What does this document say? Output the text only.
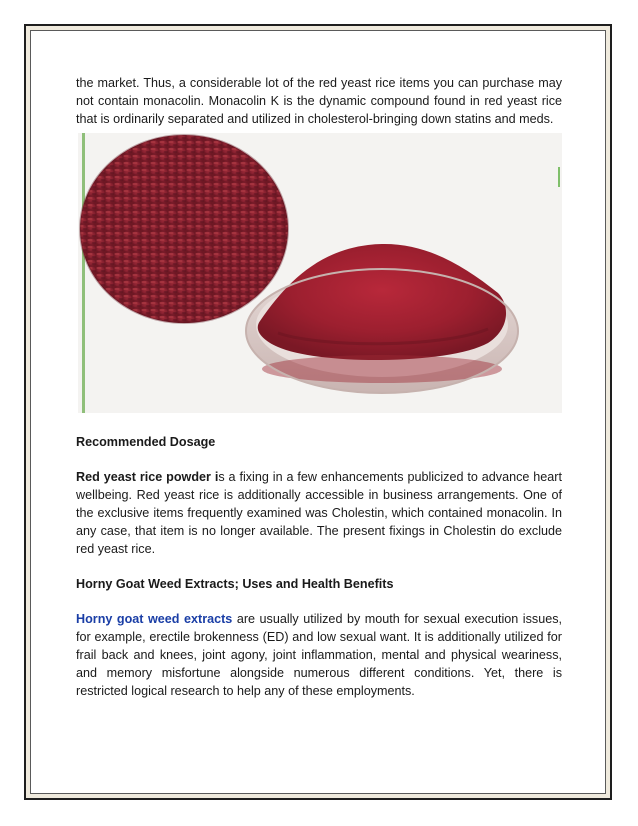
the market. Thus, a considerable lot of the red yeast rice items you can purchase may not contain monacolin. Monacolin K is the dynamic compound found in red yeast rice that is ordinarily separated and utilized in cholesterol-bringing down statins and meds.

Recommended Dosage

Red yeast rice powder is a fixing in a few enhancements publicized to advance heart wellbeing. Red yeast rice is additionally accessible in business arrangements. One of the exclusive items frequently examined was Cholestin, which contained monacolin. In any case, that item is no longer available. The present fixings in Cholestin do exclude red yeast rice.

Horny Goat Weed Extracts; Uses and Health Benefits

Horny goat weed extracts are usually utilized by mouth for sexual execution issues, for example, erectile brokenness (ED) and low sexual want. It is additionally utilized for frail back and knees, joint agony, joint inflammation, mental and physical weariness, and memory misfortune alongside numerous different conditions. Yet, there is restricted logical research to help any of these employments.
